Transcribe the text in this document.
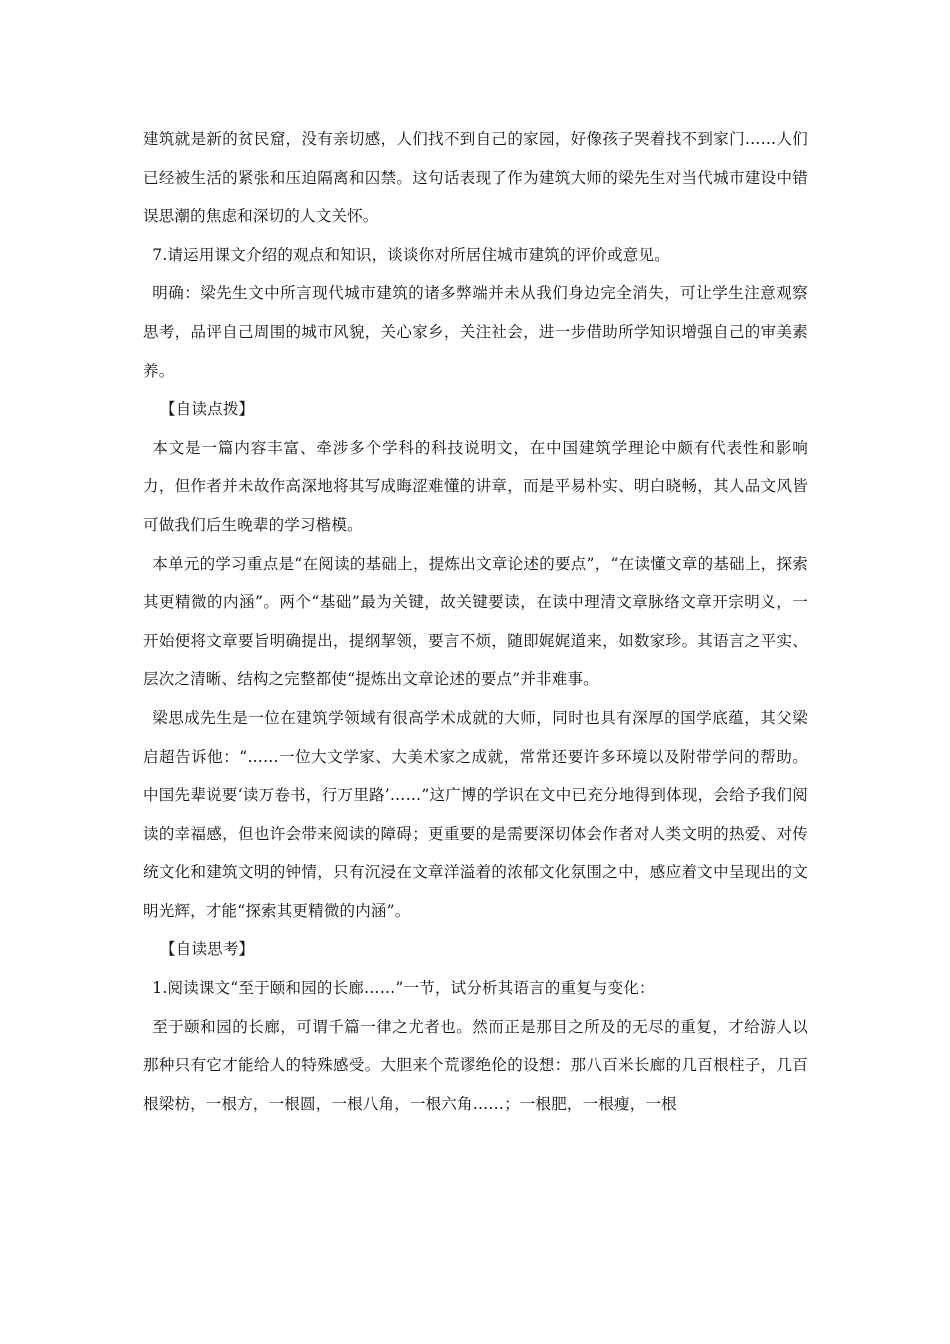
建筑就是新的贫民窟，没有亲切感，人们找不到自己的家园，好像孩子哭着找不到家门……人们已经被生活的紧张和压迫隔离和囚禁。这句话表现了作为建筑大师的梁先生对当代城市建设中错误思潮的焦虑和深切的人文关怀。

7.请运用课文介绍的观点和知识，谈谈你对所居住城市建筑的评价或意见。

明确：梁先生文中所言现代城市建筑的诸多弊端并未从我们身边完全消失，可让学生注意观察思考，品评自己周围的城市风貌，关心家乡，关注社会，进一步借助所学知识增强自己的审美素养。

【自读点拨】

本文是一篇内容丰富、牵涉多个学科的科技说明文，在中国建筑学理论中颇有代表性和影响力，但作者并未故作高深地将其写成晦涩难懂的讲章，而是平易朴实、明白晓畅，其人品文风皆可做我们后生晚辈的学习楷模。

本单元的学习重点是“在阅读的基础上，提炼出文章论述的要点”，“在读懂文章的基础上，探索其更精微的内涵”。两个“基础”最为关键，故关键要读，在读中理清文章脉络文章开宗明义，一开始便将文章要旨明确提出，提纲挈领，要言不烦，随即娓娓道来，如数家珍。其语言之平实、层次之清晰、结构之完整都使“提炼出文章论述的要点”并非难事。

梁思成先生是一位在建筑学领域有很高学术成就的大师，同时也具有深厚的国学底蕴，其父梁启超告诉他：“……一位大文学家、大美术家之成就，常常还要许多环境以及附带学问的帮助。中国先辈说要‘读万卷书，行万里路’……”这广博的学识在文中已充分地得到体现，会给予我们阅读的幸福感，但也许会带来阅读的障碍；更重要的是需要深切体会作者对人类文明的热爱、对传统文化和建筑文明的钟情，只有沉浸在文章洋溢着的浓郁文化氛围之中，感应着文中呈现出的文明光辉，才能“探索其更精微的内涵”。

【自读思考】

1.阅读课文“至于颐和园的长廊……”一节，试分析其语言的重复与变化：

至于颐和园的长廊，可谓千篇一律之尤者也。然而正是那目之所及的无尽的重复，才给游人以那种只有它才能给人的特殊感受。大胆来个荒谬绝伦的设想：那八百米长廊的几百根柱子，几百根梁枋，一根方，一根圆，一根八角，一根六角……；一根肥，一根瘦，一根
